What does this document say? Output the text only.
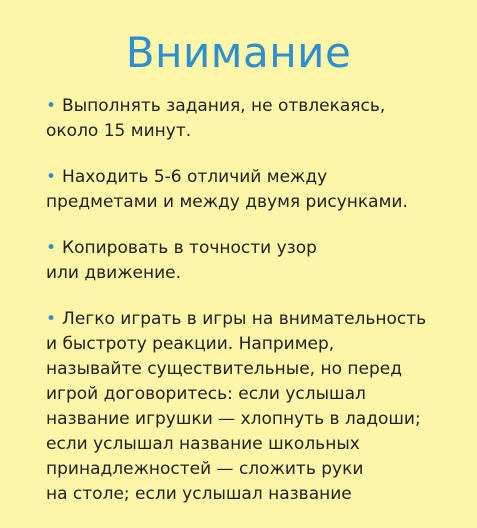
Внимание
• Выполнять задания, не отвлекаясь,
около 15 минут.
• Находить 5-6 отличий между
предметами и между двумя рисунками.
• Копировать в точности узор
или движение.
• Легко играть в игры на внимательность
и быстроту реакции. Например,
называйте существительные, но перед
игрой договоритесь: если услышал
название игрушки — хлопнуть в ладоши;
если услышал название школьных
принадлежностей — сложить руки
на столе; если услышал название
